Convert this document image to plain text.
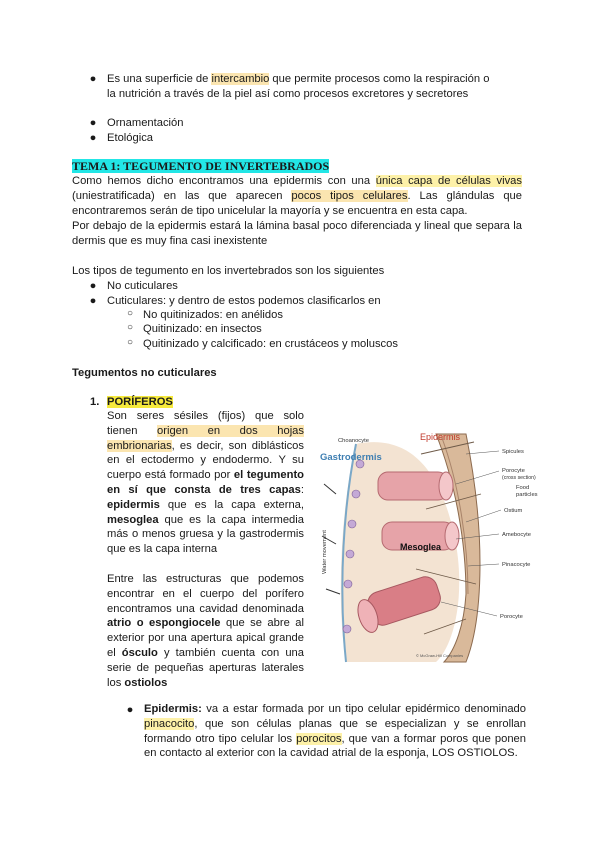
● Es una superficie de intercambio que permite procesos como la respiración o
la nutrición a través de la piel así como procesos excretores y secretores
● Ornamentación
● Etológica
TEMA 1: TEGUMENTO DE INVERTEBRADOS
Como hemos dicho encontramos una epidermis con una única capa de células vivas (uniestratificada) en las que aparecen pocos tipos celulares. Las glándulas que encontraremos serán de tipo unicelular la mayoría y se encuentra en esta capa.
Por debajo de la epidermis estará la lámina basal poco diferenciada y lineal que separa la dermis que es muy fina casi inexistente
Los tipos de tegumento en los invertebrados son los siguientes
● No cuticulares
● Cuticulares: y dentro de estos podemos clasificarlos en
○ No quitinizados: en anélidos
○ Quitinizado: en insectos
○ Quitinizado y calcificado: en crustáceos y moluscos
Tegumentos no cuticulares
1. PORÍFEROS
Son seres sésiles (fijos) que solo tienen origen en dos hojas embrionarias, es decir, son diblásticos en el ectodermo y endodermo. Y su cuerpo está formado por el tegumento en sí que consta de tres capas: epidermis que es la capa externa, mesoglea que es la capa intermedia más o menos gruesa y la gastrodermis que es la capa interna
Entre las estructuras que podemos encontrar en el cuerpo del porífero encontramos una cavidad denominada atrio o espongiocele que se abre al exterior por una apertura apical grande el ósculo y también cuenta con una serie de pequeñas aperturas laterales los ostiolos
Choanocyte	Epidermis
Gastrodermis	Spicules
Porocyte
(cross section)
Food
particles
Ostium
Amebocyte
Mesoglea
Pinacocyte
Porocyte
Water movement
© McGraw-Hill Companies
● Epidermis: va a estar formada por un tipo celular epidérmico denominado pinacocito, que son células planas que se especializan y se enrollan formando otro tipo celular los porocitos, que van a formar poros que ponen en contacto al exterior con la cavidad atrial de la esponja, LOS OSTIOLOS.
